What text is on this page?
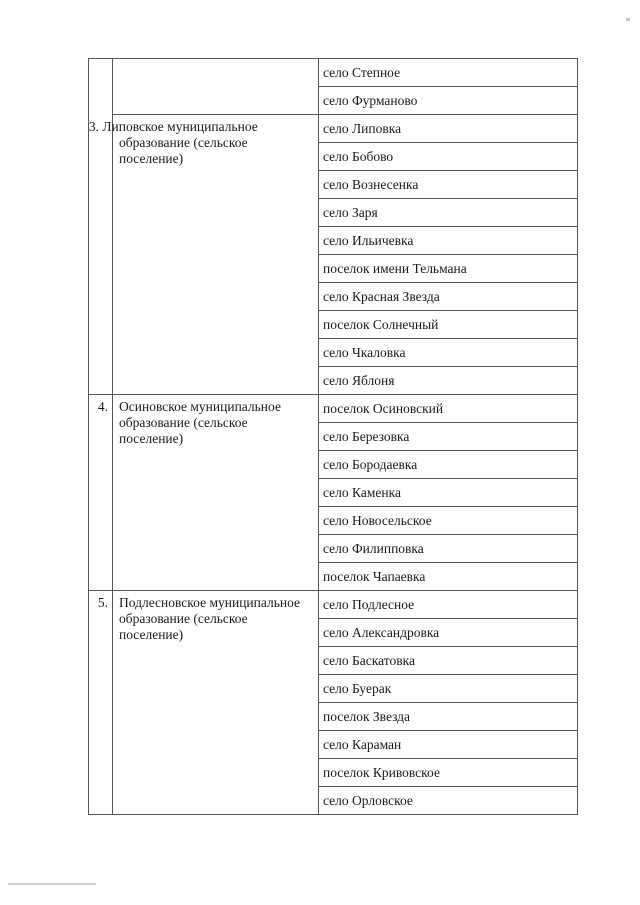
		село Степное
		село Фурманово
	3. Липовское муниципальное образование (сельское поселение)	село Липовка
		село Бобово
		село Вознесенка
		село Заря
		село Ильичевка
		поселок имени Тельмана
		село Красная Звезда
		поселок Солнечный
		село Чкаловка
		село Яблоня
4.	Осиновское муниципальное образование (сельское поселение)	поселок Осиновский
		село Березовка
		село Бородаевка
		село Каменка
		село Новосельское
		село Филипповка
		поселок Чапаевка
5.	Подлесновское муниципальное образование (сельское поселение)	село Подлесное
		село Александровка
		село Баскатовка
		село Буерак
		поселок Звезда
		село Караман
		поселок Кривовское
		село Орловское
